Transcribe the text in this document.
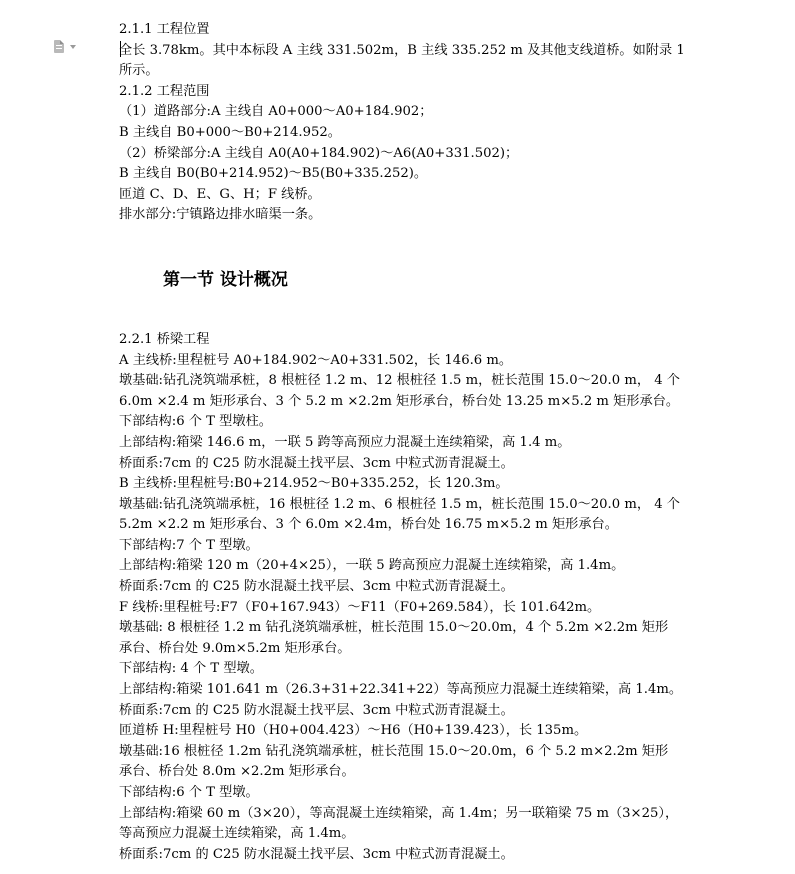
2.1.1 工程位置
全长 3.78km。其中本标段 A 主线 331.502m，B 主线 335.252 m 及其他支线道桥。如附录 1
所示。
2.1.2 工程范围
（1）道路部分:A 主线自 A0+000～A0+184.902；
B 主线自 B0+000～B0+214.952。
（2）桥梁部分:A 主线自 A0(A0+184.902)～A6(A0+331.502)；
B 主线自 B0(B0+214.952)～B5(B0+335.252)。
匝道 C、D、E、G、H；F 线桥。
排水部分:宁镇路边排水暗渠一条。
第一节 设计概况
2.2.1 桥梁工程
A 主线桥:里程桩号 A0+184.902～A0+331.502，长 146.6 m。
墩基础:钻孔浇筑端承桩，8 根桩径 1.2 m、12 根桩径 1.5 m，桩长范围 15.0～20.0 m， 4 个
6.0m ×2.4 m 矩形承台、3 个 5.2 m ×2.2m 矩形承台，桥台处 13.25 m×5.2 m 矩形承台。
下部结构:6 个 T 型墩柱。
上部结构:箱梁 146.6 m，一联 5 跨等高预应力混凝土连续箱梁，高 1.4 m。
桥面系:7cm 的 C25 防水混凝土找平层、3cm 中粒式沥青混凝土。
B 主线桥:里程桩号:B0+214.952～B0+335.252，长 120.3m。
墩基础:钻孔浇筑端承桩，16 根桩径 1.2 m、6 根桩径 1.5 m，桩长范围 15.0～20.0 m， 4 个
5.2m ×2.2 m 矩形承台、3 个 6.0m ×2.4m，桥台处 16.75 m×5.2 m 矩形承台。
下部结构:7 个 T 型墩。
上部结构:箱梁 120 m（20+4×25），一联 5 跨高预应力混凝土连续箱梁，高 1.4m。
桥面系:7cm 的 C25 防水混凝土找平层、3cm 中粒式沥青混凝土。
F 线桥:里程桩号:F7（F0+167.943）～F11（F0+269.584），长 101.642m。
墩基础: 8 根桩径 1.2 m 钻孔浇筑端承桩，桩长范围 15.0～20.0m，4 个 5.2m ×2.2m 矩形
承台、桥台处 9.0m×5.2m 矩形承台。
下部结构: 4 个 T 型墩。
上部结构:箱梁 101.641 m（26.3+31+22.341+22）等高预应力混凝土连续箱梁，高 1.4m。
桥面系:7cm 的 C25 防水混凝土找平层、3cm 中粒式沥青混凝土。
匝道桥 H:里程桩号 H0（H0+004.423）～H6（H0+139.423），长 135m。
墩基础:16 根桩径 1.2m 钻孔浇筑端承桩，桩长范围 15.0～20.0m，6 个 5.2 m×2.2m 矩形
承台、桥台处 8.0m ×2.2m 矩形承台。
下部结构:6 个 T 型墩。
上部结构:箱梁 60 m（3×20），等高混凝土连续箱梁，高 1.4m；另一联箱梁 75 m（3×25），
等高预应力混凝土连续箱梁，高 1.4m。
桥面系:7cm 的 C25 防水混凝土找平层、3cm 中粒式沥青混凝土。
